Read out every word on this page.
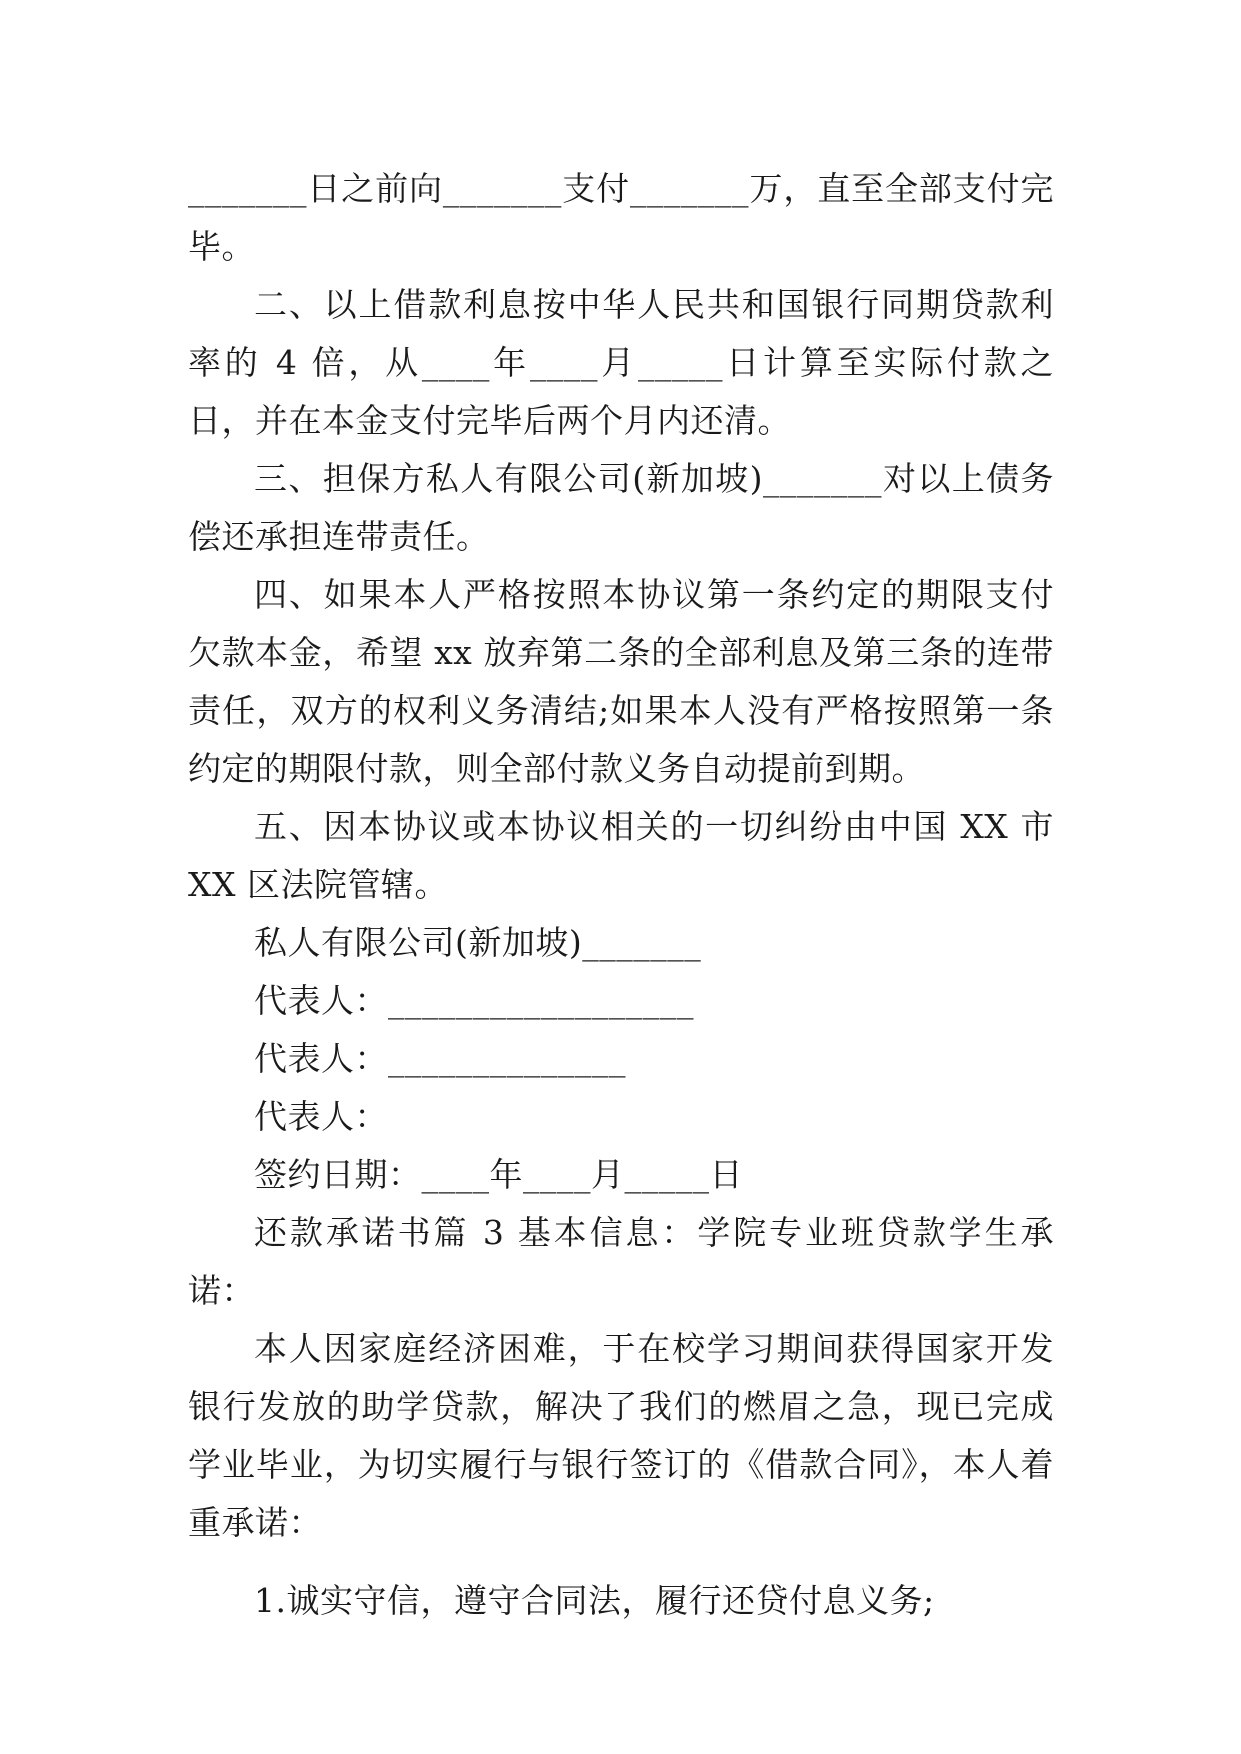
_______日之前向_______支付_______万，直至全部支付完毕。

二、以上借款利息按中华人民共和国银行同期贷款利率的 4 倍，从____年____月_____日计算至实际付款之日，并在本金支付完毕后两个月内还清。

三、担保方私人有限公司(新加坡)_______对以上债务偿还承担连带责任。

四、如果本人严格按照本协议第一条约定的期限支付欠款本金，希望 xx 放弃第二条的全部利息及第三条的连带责任，双方的权利义务清结;如果本人没有严格按照第一条约定的期限付款，则全部付款义务自动提前到期。

五、因本协议或本协议相关的一切纠纷由中国 XX 市 XX 区法院管辖。

私人有限公司(新加坡)_______

代表人：__________________

代表人：______________

代表人：

签约日期：____年____月_____日

还款承诺书篇 3 基本信息：学院专业班贷款学生承诺：

本人因家庭经济困难，于在校学习期间获得国家开发银行发放的助学贷款，解决了我们的燃眉之急，现已完成学业毕业，为切实履行与银行签订的《借款合同》，本人着重承诺：

1.诚实守信，遵守合同法，履行还贷付息义务;
